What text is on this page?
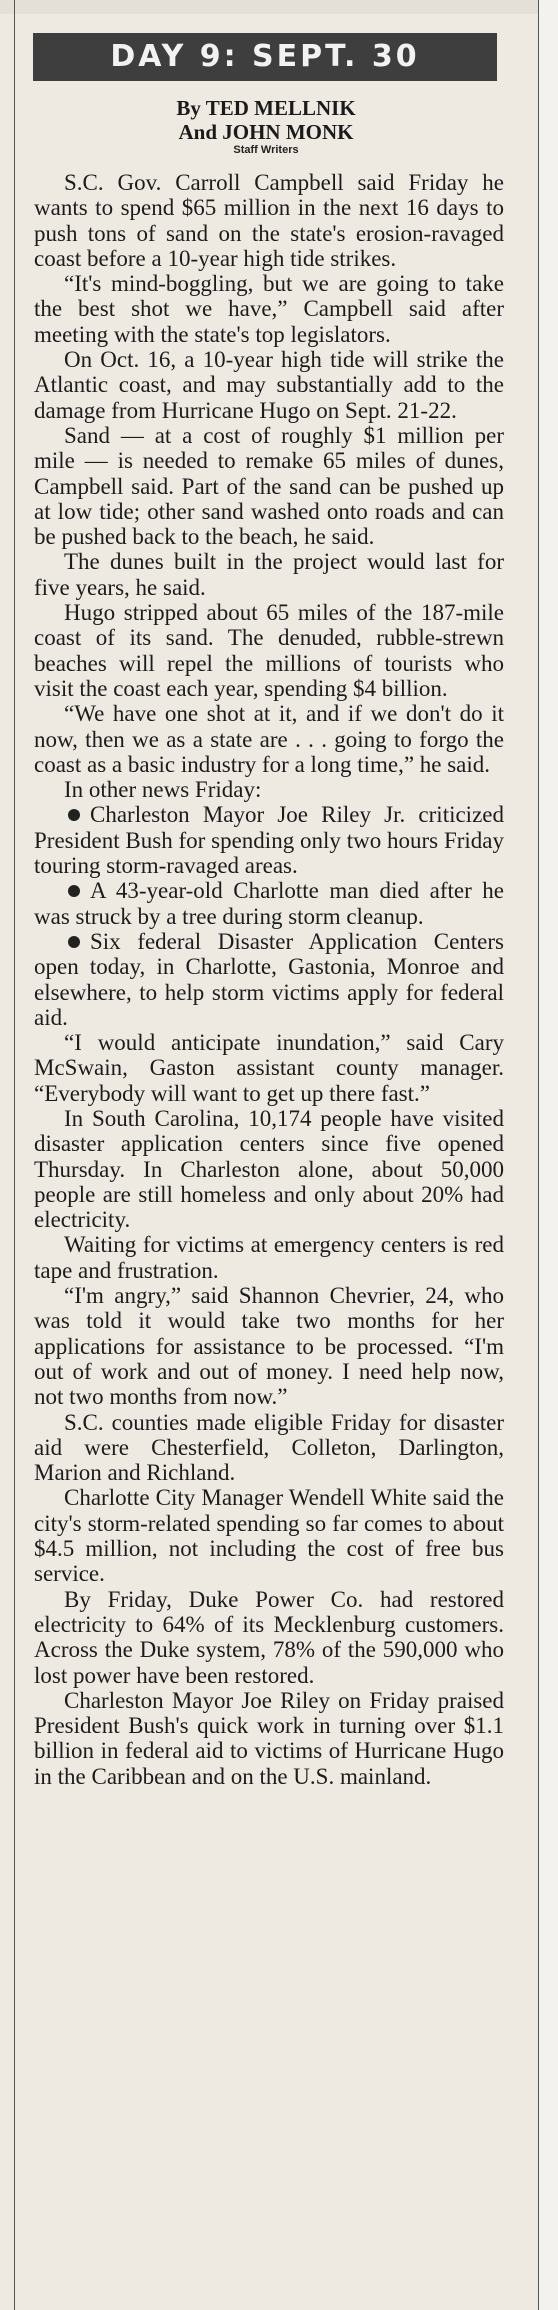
DAY 9: SEPT. 30
By TED MELLNIK
And JOHN MONK
Staff Writers

S.C. Gov. Carroll Campbell said Friday he wants to spend $65 million in the next 16 days to push tons of sand on the state's erosion-ravaged coast before a 10-year high tide strikes.

“It's mind-boggling, but we are going to take the best shot we have,” Campbell said after meeting with the state's top legislators.

On Oct. 16, a 10-year high tide will strike the Atlantic coast, and may substantially add to the damage from Hurricane Hugo on Sept. 21-22.

Sand — at a cost of roughly $1 million per mile — is needed to remake 65 miles of dunes, Campbell said. Part of the sand can be pushed up at low tide; other sand washed onto roads and can be pushed back to the beach, he said.

The dunes built in the project would last for five years, he said.

Hugo stripped about 65 miles of the 187-mile coast of its sand. The denuded, rubble-strewn beaches will repel the millions of tourists who visit the coast each year, spending $4 billion.

“We have one shot at it, and if we don't do it now, then we as a state are . . . going to forgo the coast as a basic industry for a long time,” he said.

In other news Friday:

Charleston Mayor Joe Riley Jr. criticized President Bush for spending only two hours Friday touring storm-ravaged areas.

A 43-year-old Charlotte man died after he was struck by a tree during storm cleanup.

Six federal Disaster Application Centers open today, in Charlotte, Gastonia, Monroe and elsewhere, to help storm victims apply for federal aid.

“I would anticipate inundation,” said Cary McSwain, Gaston assistant county manager. “Everybody will want to get up there fast.”

In South Carolina, 10,174 people have visited disaster application centers since five opened Thursday. In Charleston alone, about 50,000 people are still homeless and only about 20% had electricity.

Waiting for victims at emergency centers is red tape and frustration.

“I'm angry,” said Shannon Chevrier, 24, who was told it would take two months for her applications for assistance to be processed. “I'm out of work and out of money. I need help now, not two months from now.”

S.C. counties made eligible Friday for disaster aid were Chesterfield, Colleton, Darlington, Marion and Richland.

Charlotte City Manager Wendell White said the city's storm-related spending so far comes to about $4.5 million, not including the cost of free bus service.

By Friday, Duke Power Co. had restored electricity to 64% of its Mecklenburg customers. Across the Duke system, 78% of the 590,000 who lost power have been restored.

Charleston Mayor Joe Riley on Friday praised President Bush's quick work in turning over $1.1 billion in federal aid to victims of Hurricane Hugo in the Caribbean and on the U.S. mainland.
